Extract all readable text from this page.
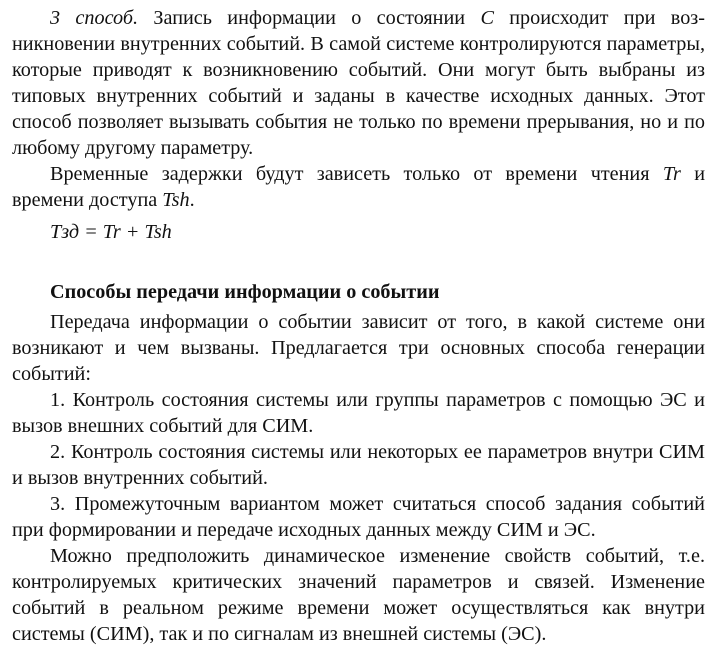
3 способ. Запись информации о состоянии C происходит при возникновении внутренних событий. В самой системе контролируются параметры, которые приводят к возникновению событий. Они могут быть выбраны из типовых внутренних событий и заданы в качестве исходных данных. Этот способ позволяет вызывать события не только по времени прерывания, но и по любому другому параметру.

Временные задержки будут зависеть только от времени чтения Tr и времени доступа Tsh.

Tзд = Tr + Tsh

Способы передачи информации о событии

Передача информации о событии зависит от того, в какой системе они возникают и чем вызваны. Предлагается три основных способа генерации событий:

1. Контроль состояния системы или группы параметров с помощью ЭС и вызов внешних событий для СИМ.

2. Контроль состояния системы или некоторых ее параметров внутри СИМ и вызов внутренних событий.

3. Промежуточным вариантом может считаться способ задания событий при формировании и передаче исходных данных между СИМ и ЭС.

Можно предположить динамическое изменение свойств событий, т.е. контролируемых критических значений параметров и связей. Изменение событий в реальном режиме времени может осуществляться как внутри системы (СИМ), так и по сигналам из внешней системы (ЭС).
